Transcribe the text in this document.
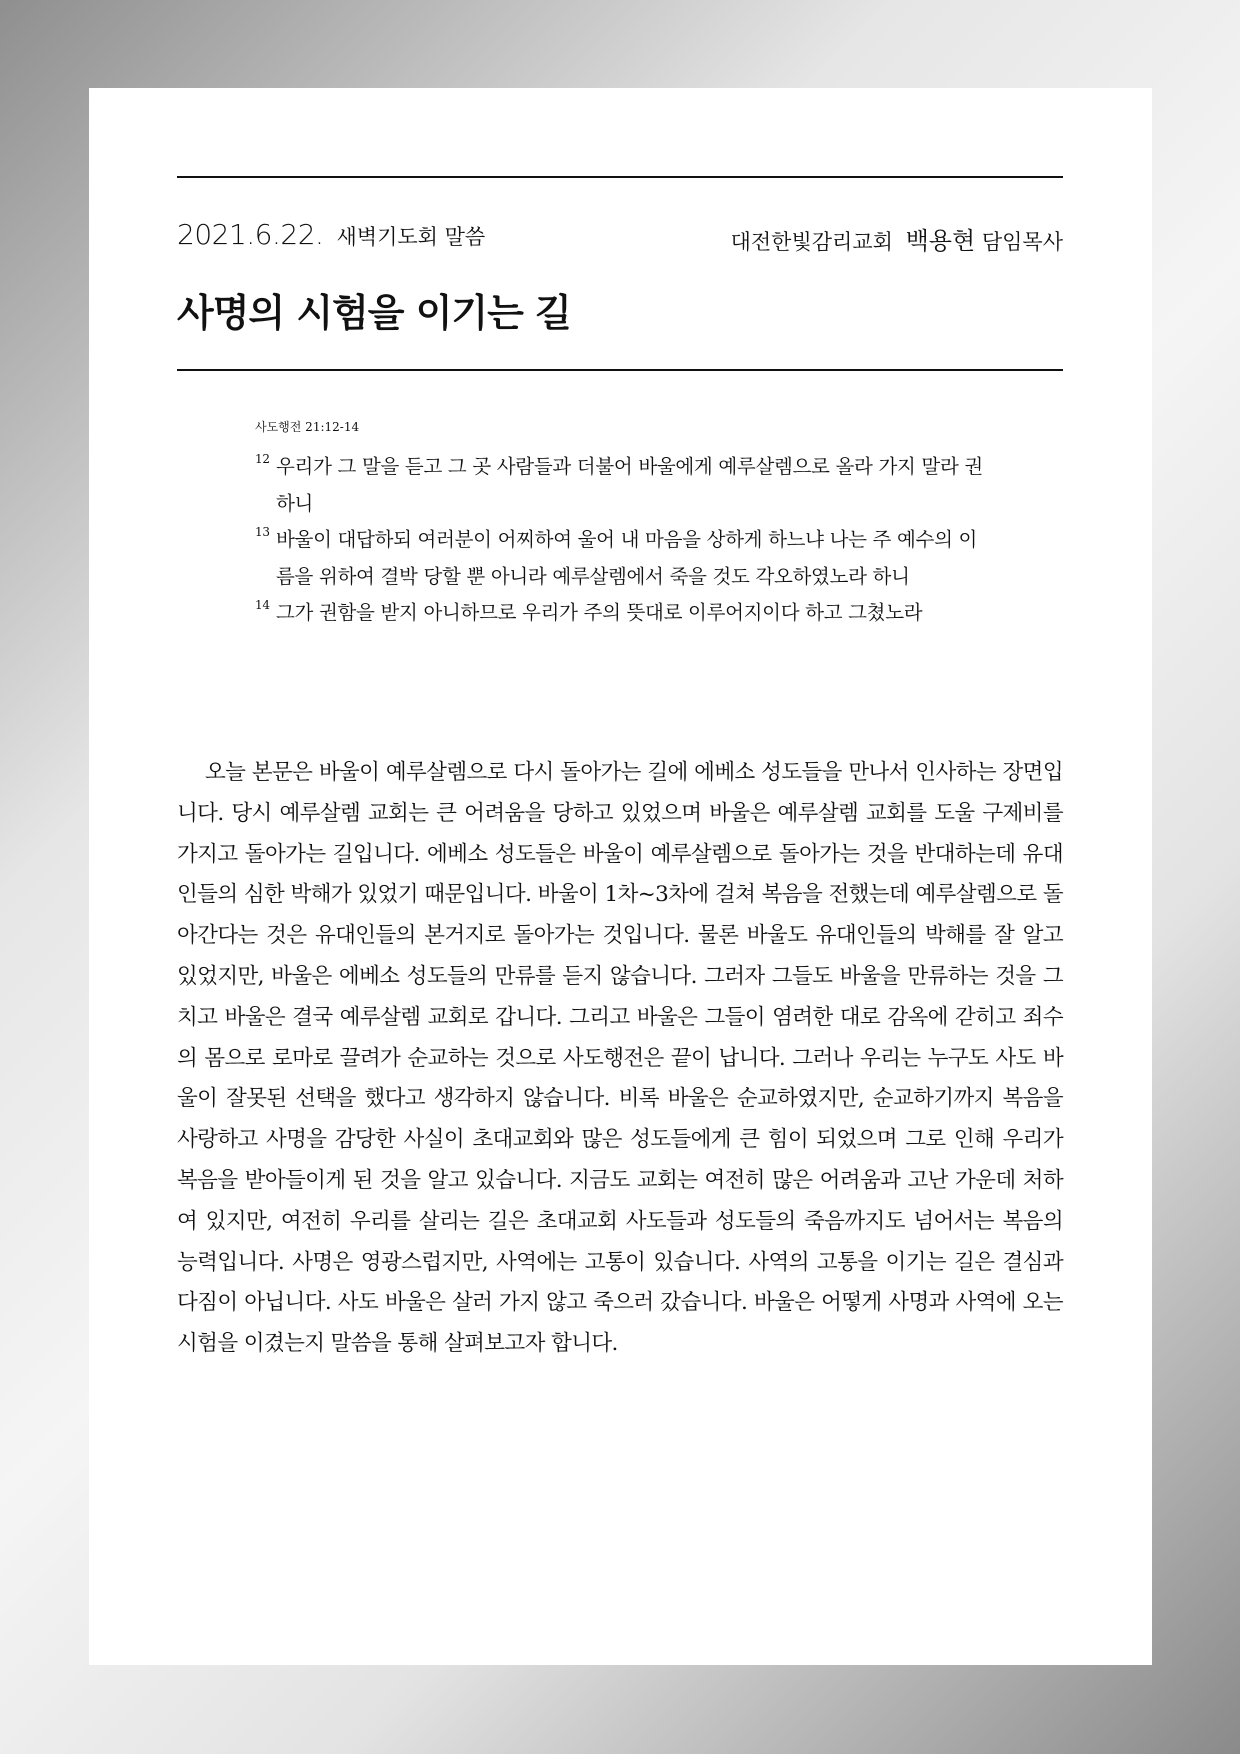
2021.6.22. 새벽기도회 말씀	대전한빛감리교회 백용현 담임목사
사명의 시험을 이기는 길
사도행전 21:12-14
12 우리가 그 말을 듣고 그 곳 사람들과 더불어 바울에게 예루살렘으로 올라 가지 말라 권하니
13 바울이 대답하되 여러분이 어찌하여 울어 내 마음을 상하게 하느냐 나는 주 예수의 이름을 위하여 결박 당할 뿐 아니라 예루살렘에서 죽을 것도 각오하였노라 하니
14 그가 권함을 받지 아니하므로 우리가 주의 뜻대로 이루어지이다 하고 그쳤노라

오늘 본문은 바울이 예루살렘으로 다시 돌아가는 길에 에베소 성도들을 만나서 인사하는 장면입니다. 당시 예루살렘 교회는 큰 어려움을 당하고 있었으며 바울은 예루살렘 교회를 도울 구제비를 가지고 돌아가는 길입니다. 에베소 성도들은 바울이 예루살렘으로 돌아가는 것을 반대하는데 유대인들의 심한 박해가 있었기 때문입니다. 바울이 1차~3차에 걸쳐 복음을 전했는데 예루살렘으로 돌아간다는 것은 유대인들의 본거지로 돌아가는 것입니다. 물론 바울도 유대인들의 박해를 잘 알고 있었지만, 바울은 에베소 성도들의 만류를 듣지 않습니다. 그러자 그들도 바울을 만류하는 것을 그치고 바울은 결국 예루살렘 교회로 갑니다. 그리고 바울은 그들이 염려한 대로 감옥에 갇히고 죄수의 몸으로 로마로 끌려가 순교하는 것으로 사도행전은 끝이 납니다. 그러나 우리는 누구도 사도 바울이 잘못된 선택을 했다고 생각하지 않습니다. 비록 바울은 순교하였지만, 순교하기까지 복음을 사랑하고 사명을 감당한 사실이 초대교회와 많은 성도들에게 큰 힘이 되었으며 그로 인해 우리가 복음을 받아들이게 된 것을 알고 있습니다. 지금도 교회는 여전히 많은 어려움과 고난 가운데 처하여 있지만, 여전히 우리를 살리는 길은 초대교회 사도들과 성도들의 죽음까지도 넘어서는 복음의 능력입니다. 사명은 영광스럽지만, 사역에는 고통이 있습니다. 사역의 고통을 이기는 길은 결심과 다짐이 아닙니다. 사도 바울은 살러 가지 않고 죽으러 갔습니다. 바울은 어떻게 사명과 사역에 오는 시험을 이겼는지 말씀을 통해 살펴보고자 합니다.
